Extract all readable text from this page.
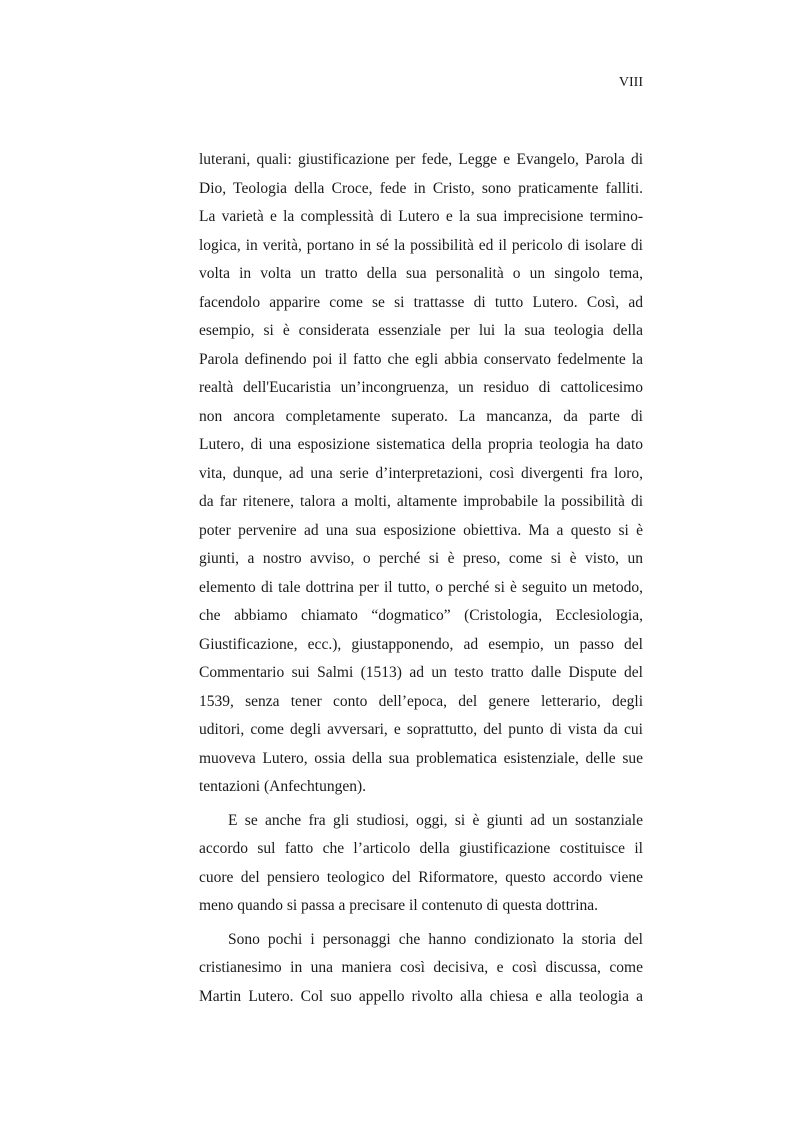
VIII
luterani, quali: giustificazione per fede, Legge e Evangelo, Parola di
Dio, Teologia della Croce, fede in Cristo, sono praticamente falliti.
La varietà e la complessità di Lutero e la sua imprecisione termino-
logica, in verità, portano in sé la possibilità ed il pericolo di isolare di
volta in volta un tratto della sua personalità o un singolo tema,
facendolo apparire come se si trattasse di tutto Lutero. Così, ad
esempio, si è considerata essenziale per lui la sua teologia della
Parola definendo poi il fatto che egli abbia conservato fedelmente la
realtà dell'Eucaristia un’incongruenza, un residuo di cattolicesimo
non ancora completamente superato. La mancanza, da parte di
Lutero, di una esposizione sistematica della propria teologia ha dato
vita, dunque, ad una serie d’interpretazioni, così divergenti fra loro,
da far ritenere, talora a molti, altamente improbabile la possibilità di
poter pervenire ad una sua esposizione obiettiva. Ma a questo si è
giunti, a nostro avviso, o perché si è preso, come si è visto, un
elemento di tale dottrina per il tutto, o perché si è seguito un metodo,
che abbiamo chiamato “dogmatico” (Cristologia, Ecclesiologia,
Giustificazione, ecc.), giustapponendo, ad esempio, un passo del
Commentario sui Salmi (1513) ad un testo tratto dalle Dispute del
1539, senza tener conto dell’epoca, del genere letterario, degli
uditori, come degli avversari, e soprattutto, del punto di vista da cui
muoveva Lutero, ossia della sua problematica esistenziale, delle sue
tentazioni (Anfechtungen).
E se anche fra gli studiosi, oggi, si è giunti ad un sostanziale
accordo sul fatto che l’articolo della giustificazione costituisce il
cuore del pensiero teologico del Riformatore, questo accordo viene
meno quando si passa a precisare il contenuto di questa dottrina.
Sono pochi i personaggi che hanno condizionato la storia del
cristianesimo in una maniera così decisiva, e così discussa, come
Martin Lutero. Col suo appello rivolto alla chiesa e alla teologia a
